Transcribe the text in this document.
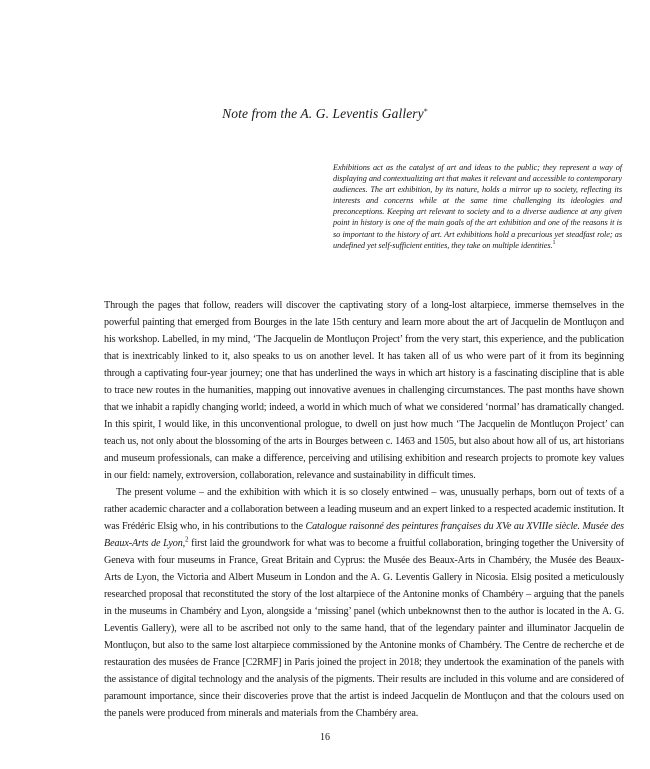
Note from the A. G. Leventis Gallery*
Exhibitions act as the catalyst of art and ideas to the public; they represent a way of displaying and contextualizing art that makes it relevant and accessible to contemporary audiences. The art exhibition, by its nature, holds a mirror up to society, reflecting its interests and concerns while at the same time challenging its ideologies and preconceptions. Keeping art relevant to society and to a diverse audience at any given point in history is one of the main goals of the art exhibition and one of the reasons it is so important to the history of art. Art exhibitions hold a precarious yet steadfast role; as undefined yet self-sufficient entities, they take on multiple identities.$^1$

Through the pages that follow, readers will discover the captivating story of a long-lost altarpiece, immerse themselves in the powerful painting that emerged from Bourges in the late 15th century and learn more about the art of Jacquelin de Montluçon and his workshop. Labelled, in my mind, ‘The Jacquelin de Montluçon Project’ from the very start, this experience, and the publication that is inextricably linked to it, also speaks to us on another level. It has taken all of us who were part of it from its beginning through a captivating four-year journey; one that has underlined the ways in which art history is a fascinating discipline that is able to trace new routes in the humanities, mapping out innovative avenues in challenging circumstances. The past months have shown that we inhabit a rapidly changing world; indeed, a world in which much of what we considered ‘normal’ has dramatically changed. In this spirit, I would like, in this unconventional prologue, to dwell on just how much ‘The Jacquelin de Montluçon Project’ can teach us, not only about the blossoming of the arts in Bourges between c. 1463 and 1505, but also about how all of us, art historians and museum professionals, can make a difference, perceiving and utilising exhibition and research projects to promote key values in our field: namely, extroversion, collaboration, relevance and sustainability in difficult times.

The present volume – and the exhibition with which it is so closely entwined – was, unusually perhaps, born out of texts of a rather academic character and a collaboration between a leading museum and an expert linked to a respected academic institution. It was Frédéric Elsig who, in his contributions to the Catalogue raisonné des peintures françaises du XVe au XVIIIe siècle. Musée des Beaux-Arts de Lyon,$^2$ first laid the groundwork for what was to become a fruitful collaboration, bringing together the University of Geneva with four museums in France, Great Britain and Cyprus: the Musée des Beaux-Arts in Chambéry, the Musée des Beaux-Arts de Lyon, the Victoria and Albert Museum in London and the A. G. Leventis Gallery in Nicosia. Elsig posited a meticulously researched proposal that reconstituted the story of the lost altarpiece of the Antonine monks of Chambéry – arguing that the panels in the museums in Chambéry and Lyon, alongside a ‘missing’ panel (which unbeknownst then to the author is located in the A. G. Leventis Gallery), were all to be ascribed not only to the same hand, that of the legendary painter and illuminator Jacquelin de Montluçon, but also to the same lost altarpiece commissioned by the Antonine monks of Chambéry. The Centre de recherche et de restauration des musées de France [C2RMF] in Paris joined the project in 2018; they undertook the examination of the panels with the assistance of digital technology and the analysis of the pigments. Their results are included in this volume and are considered of paramount importance, since their discoveries prove that the artist is indeed Jacquelin de Montluçon and that the colours used on the panels were produced from minerals and materials from the Chambéry area.

16
